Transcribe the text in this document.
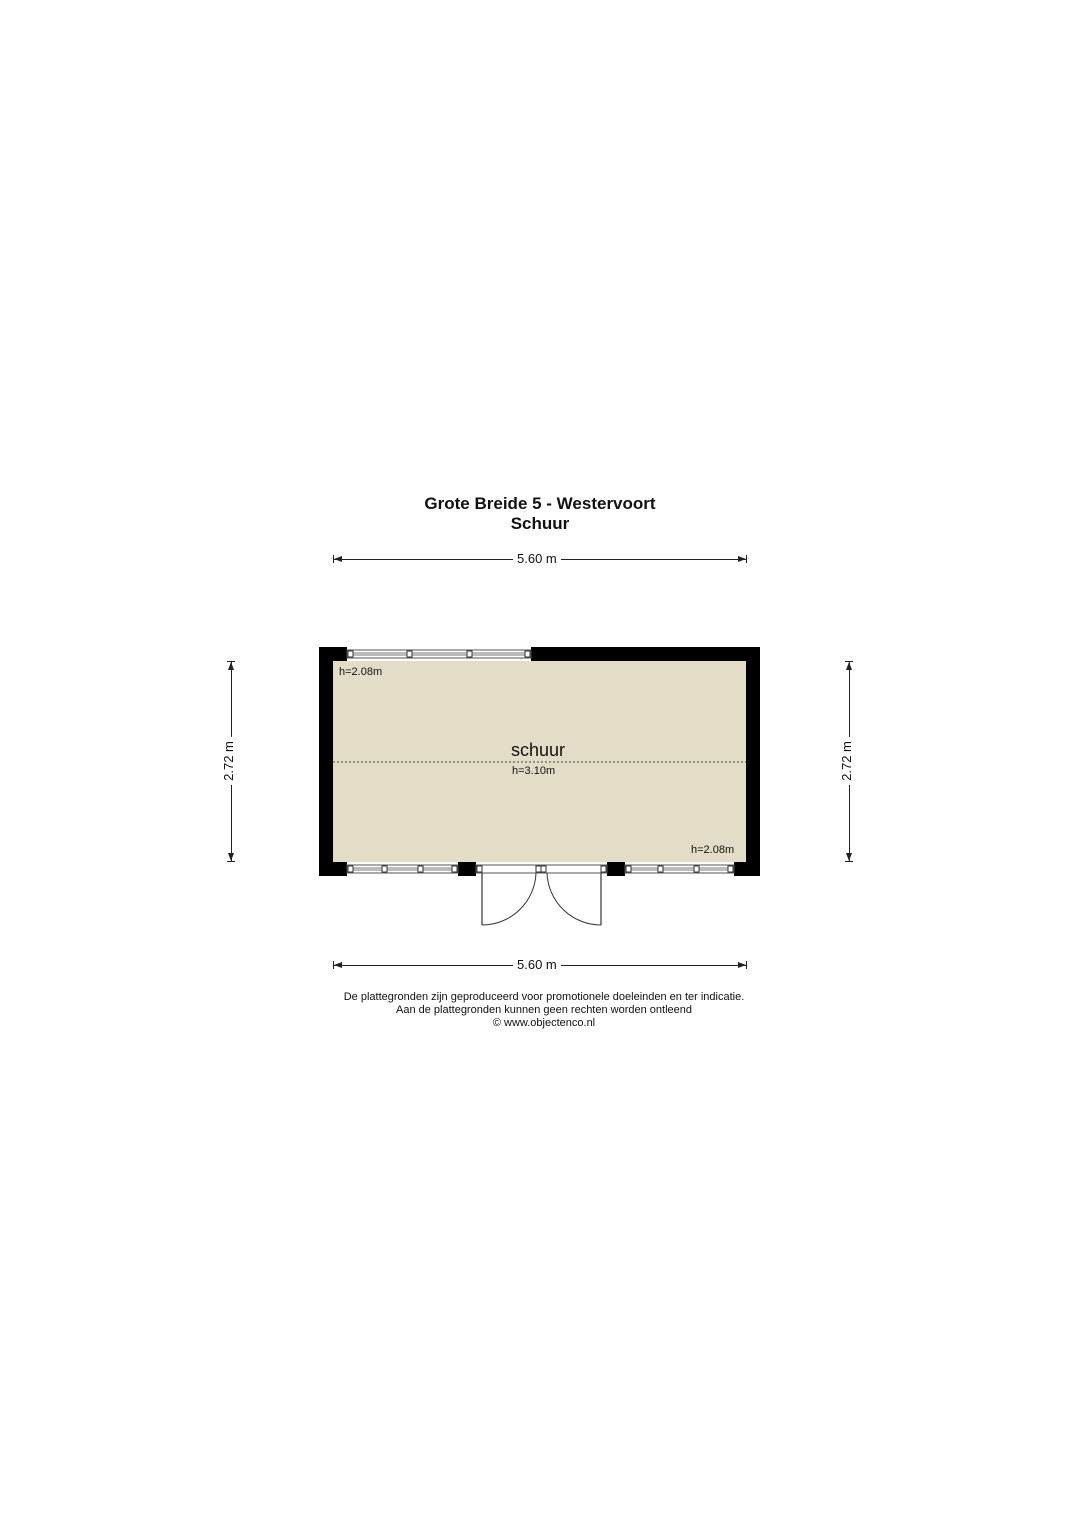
Grote Breide 5 - Westervoort
Schuur
5.60 m
5.60 m
2.72 m	2.72 m
schuur
h=3.10m
h=2.08m
h=2.08m
De plattegronden zijn geproduceerd voor promotionele doeleinden en ter indicatie.
Aan de plattegronden kunnen geen rechten worden ontleend
© www.objectenco.nl
